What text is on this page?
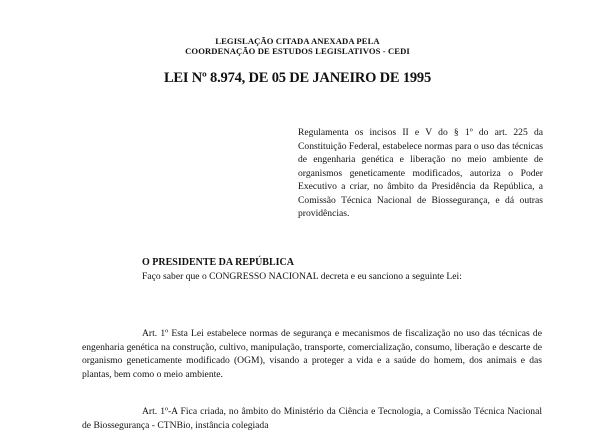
LEGISLAÇÃO CITADA ANEXADA PELA
COORDENAÇÃO DE ESTUDOS LEGISLATIVOS - CEDI
LEI Nº 8.974, DE 05 DE JANEIRO DE 1995
Regulamenta os incisos II e V do § 1º do art. 225 da Constituição Federal, estabelece normas para o uso das técnicas de engenharia genética e liberação no meio ambiente de organismos geneticamente modificados, autoriza o Poder Executivo a criar, no âmbito da Presidência da República, a Comissão Técnica Nacional de Biossegurança, e dá outras providências.
O PRESIDENTE DA REPÚBLICA
Faço saber que o CONGRESSO NACIONAL decreta e eu sanciono a seguinte Lei:
Art. 1º Esta Lei estabelece normas de segurança e mecanismos de fiscalização no uso das técnicas de engenharia genética na construção, cultivo, manipulação, transporte, comercialização, consumo, liberação e descarte de organismo geneticamente modificado (OGM), visando a proteger a vida e a saúde do homem, dos animais e das plantas, bem como o meio ambiente.
Art. 1º-A Fica criada, no âmbito do Ministério da Ciência e Tecnologia, a Comissão Técnica Nacional de Biossegurança - CTNBio, instância colegiada
